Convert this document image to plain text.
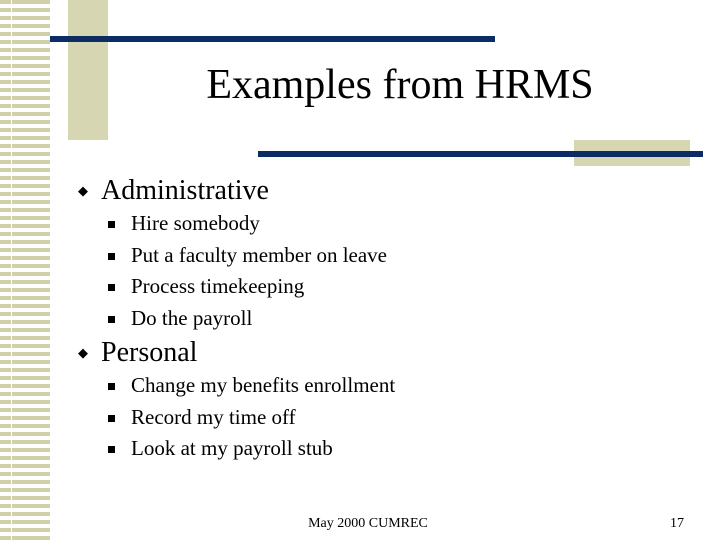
Examples from HRMS
◆ Administrative
Hire somebody
Put a faculty member on leave
Process timekeeping
Do the payroll
◆ Personal
Change my benefits enrollment
Record my time off
Look at my payroll stub
May 2000 CUMREC	17
